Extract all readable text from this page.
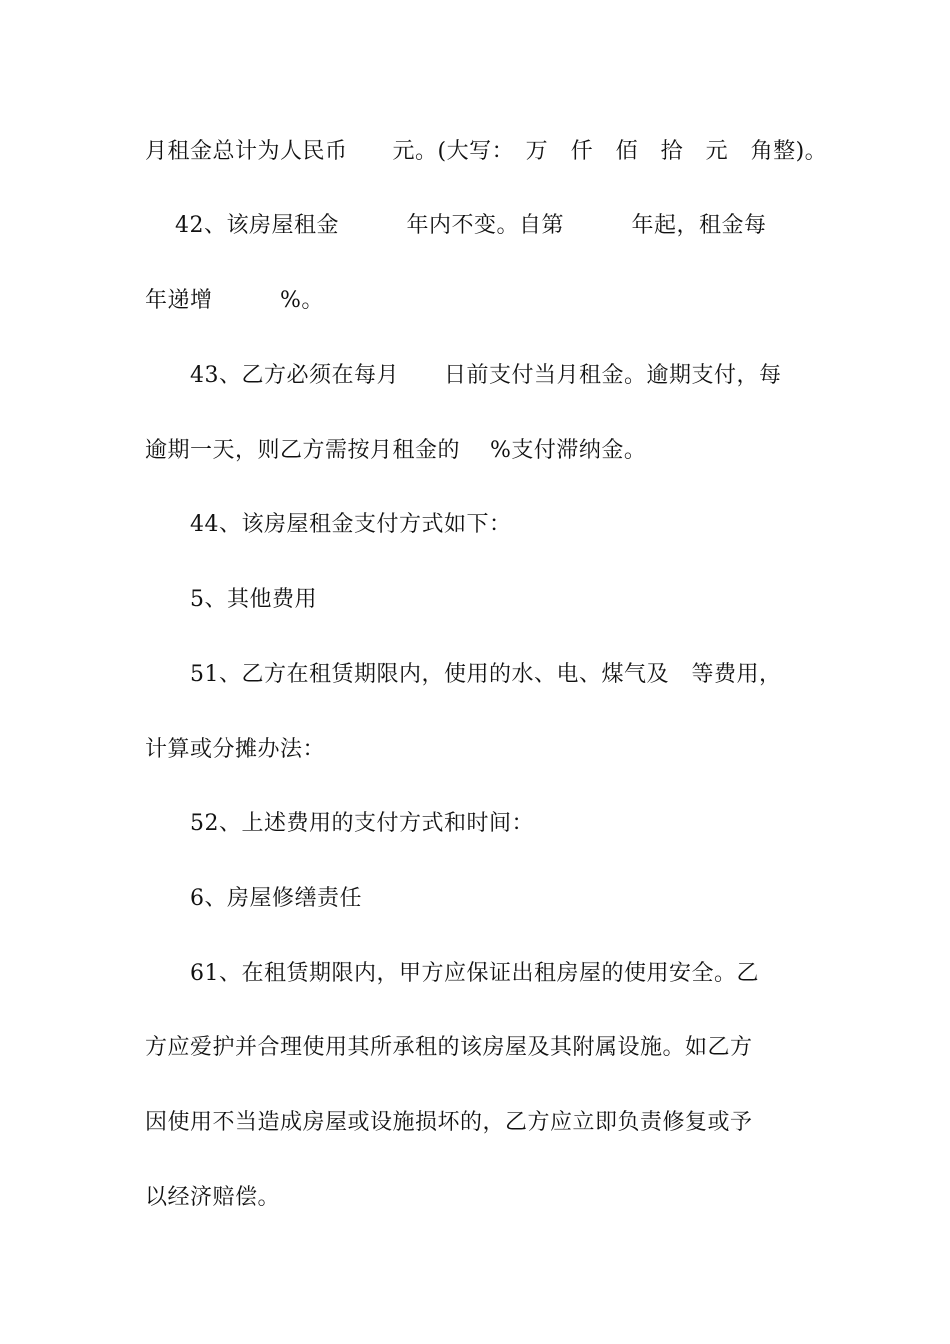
月租金总计为人民币　　元。(大写：　万　仟　佰　拾　元　角整)。
　 42、该房屋租金　　　年内不变。自第　　　年起，租金每
年递增　　　%。
　　43、乙方必须在每月　　日前支付当月租金。逾期支付，每
逾期一天，则乙方需按月租金的　 %支付滞纳金。
　　44、该房屋租金支付方式如下：
　　5、其他费用
　　51、乙方在租赁期限内，使用的水、电、煤气及　等费用，
计算或分摊办法：
　　52、上述费用的支付方式和时间：
　　6、房屋修缮责任
　　61、在租赁期限内，甲方应保证出租房屋的使用安全。乙
方应爱护并合理使用其所承租的该房屋及其附属设施。如乙方
因使用不当造成房屋或设施损坏的，乙方应立即负责修复或予
以经济赔偿。
